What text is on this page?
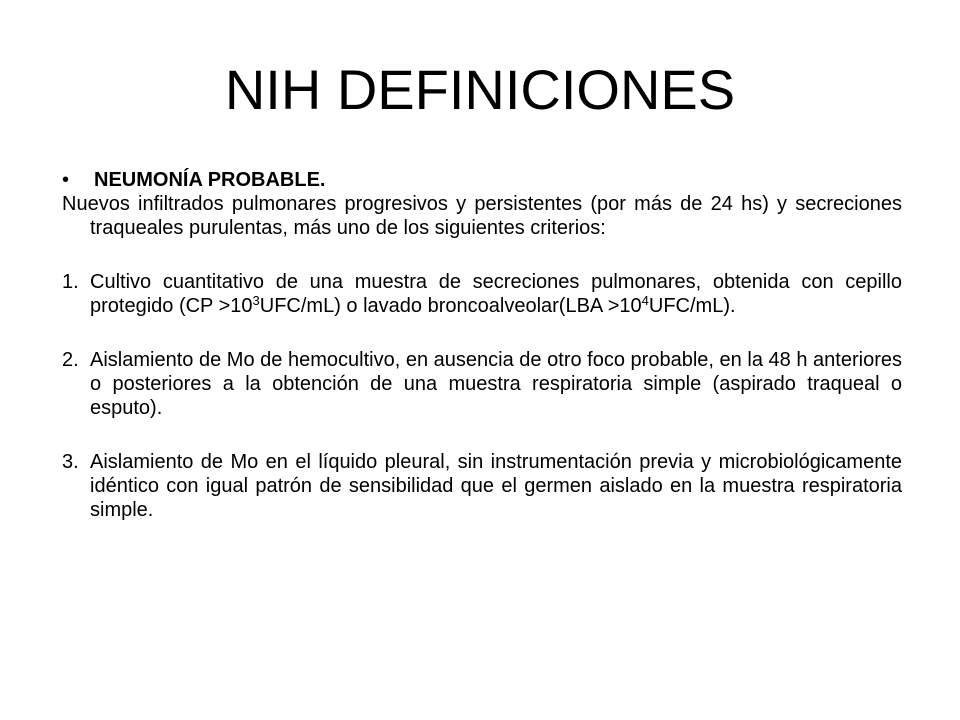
NIH DEFINICIONES
•	NEUMONÍA PROBABLE.

Nuevos infiltrados pulmonares progresivos y persistentes (por más de 24 hs) y secreciones traqueales purulentas, más uno de los siguientes criterios:

1. Cultivo cuantitativo de una muestra de secreciones pulmonares, obtenida con cepillo protegido $(CP >10^3UFC/mL)$ o lavado broncoalveolar(LBA $>10^4UFC/mL$).
2. Aislamiento de Mo de hemocultivo, en ausencia de otro foco probable, en la 48 h anteriores o posteriores a la obtención de una muestra respiratoria simple (aspirado traqueal o esputo).
3. Aislamiento de Mo en el líquido pleural, sin instrumentación previa y microbiológicamente idéntico con igual patrón de sensibilidad que el germen aislado en la muestra respiratoria simple.
